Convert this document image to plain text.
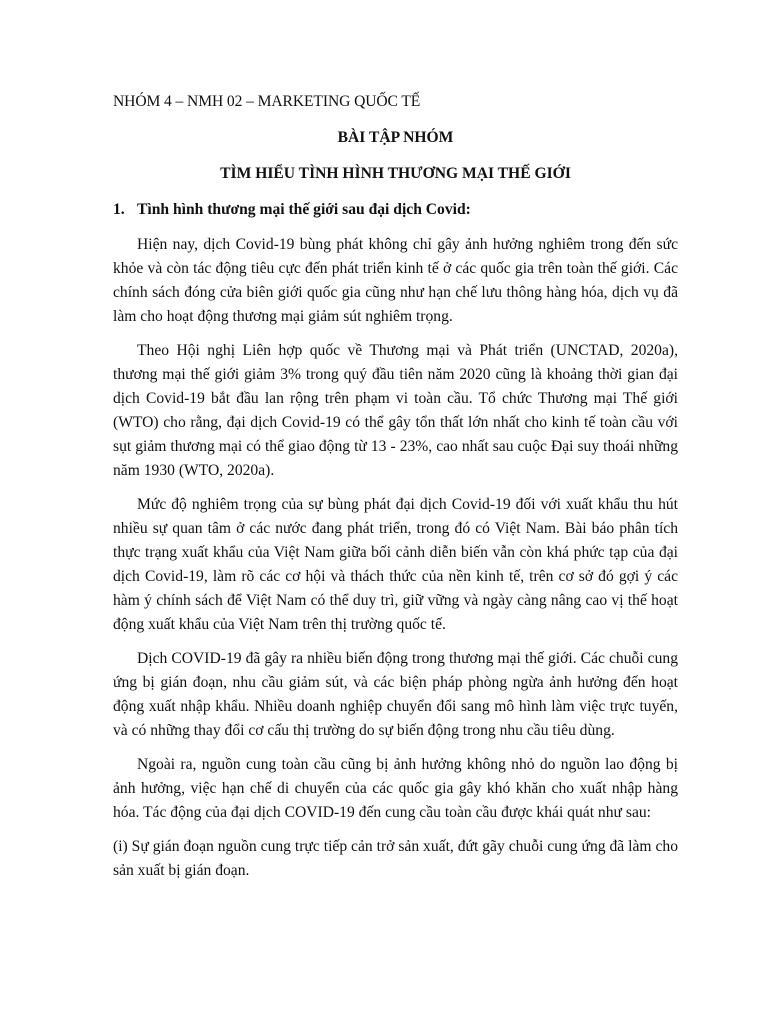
NHÓM 4 – NMH 02 – MARKETING QUỐC TẾ
BÀI TẬP NHÓM
TÌM HIỂU TÌNH HÌNH THƯƠNG MẠI THẾ GIỚI
1. Tình hình thương mại thế giới sau đại dịch Covid:

Hiện nay, dịch Covid-19 bùng phát không chỉ gây ảnh hưởng nghiêm trong đến sức khỏe và còn tác động tiêu cực đến phát triển kinh tế ở các quốc gia trên toàn thế giới. Các chính sách đóng cửa biên giới quốc gia cũng như hạn chế lưu thông hàng hóa, dịch vụ đã làm cho hoạt động thương mại giảm sút nghiêm trọng.

Theo Hội nghị Liên hợp quốc về Thương mại và Phát triển (UNCTAD, 2020a), thương mại thế giới giảm 3% trong quý đầu tiên năm 2020 cũng là khoảng thời gian đại dịch Covid-19 bắt đầu lan rộng trên phạm vi toàn cầu. Tổ chức Thương mại Thế giới (WTO) cho rằng, đại dịch Covid-19 có thể gây tổn thất lớn nhất cho kinh tế toàn cầu với sụt giảm thương mại có thể giao động từ 13 - 23%, cao nhất sau cuộc Đại suy thoái những năm 1930 (WTO, 2020a).

Mức độ nghiêm trọng của sự bùng phát đại dịch Covid-19 đối với xuất khẩu thu hút nhiều sự quan tâm ở các nước đang phát triển, trong đó có Việt Nam. Bài báo phân tích thực trạng xuất khẩu của Việt Nam giữa bối cảnh diễn biến vẫn còn khá phức tạp của đại dịch Covid-19, làm rõ các cơ hội và thách thức của nền kinh tế, trên cơ sở đó gợi ý các hàm ý chính sách để Việt Nam có thể duy trì, giữ vững và ngày càng nâng cao vị thế hoạt động xuất khẩu của Việt Nam trên thị trường quốc tế.

Dịch COVID-19 đã gây ra nhiều biến động trong thương mại thế giới. Các chuỗi cung ứng bị gián đoạn, nhu cầu giảm sút, và các biện pháp phòng ngừa ảnh hưởng đến hoạt động xuất nhập khẩu. Nhiều doanh nghiệp chuyển đổi sang mô hình làm việc trực tuyến, và có những thay đổi cơ cấu thị trường do sự biến động trong nhu cầu tiêu dùng.

Ngoài ra, nguồn cung toàn cầu cũng bị ảnh hưởng không nhỏ do nguồn lao động bị ảnh hưởng, việc hạn chế di chuyển của các quốc gia gây khó khăn cho xuất nhập hàng hóa. Tác động của đại dịch COVID-19 đến cung cầu toàn cầu được khái quát như sau:

(i) Sự gián đoạn nguồn cung trực tiếp cản trở sản xuất, đứt gãy chuỗi cung ứng đã làm cho sản xuất bị gián đoạn.
